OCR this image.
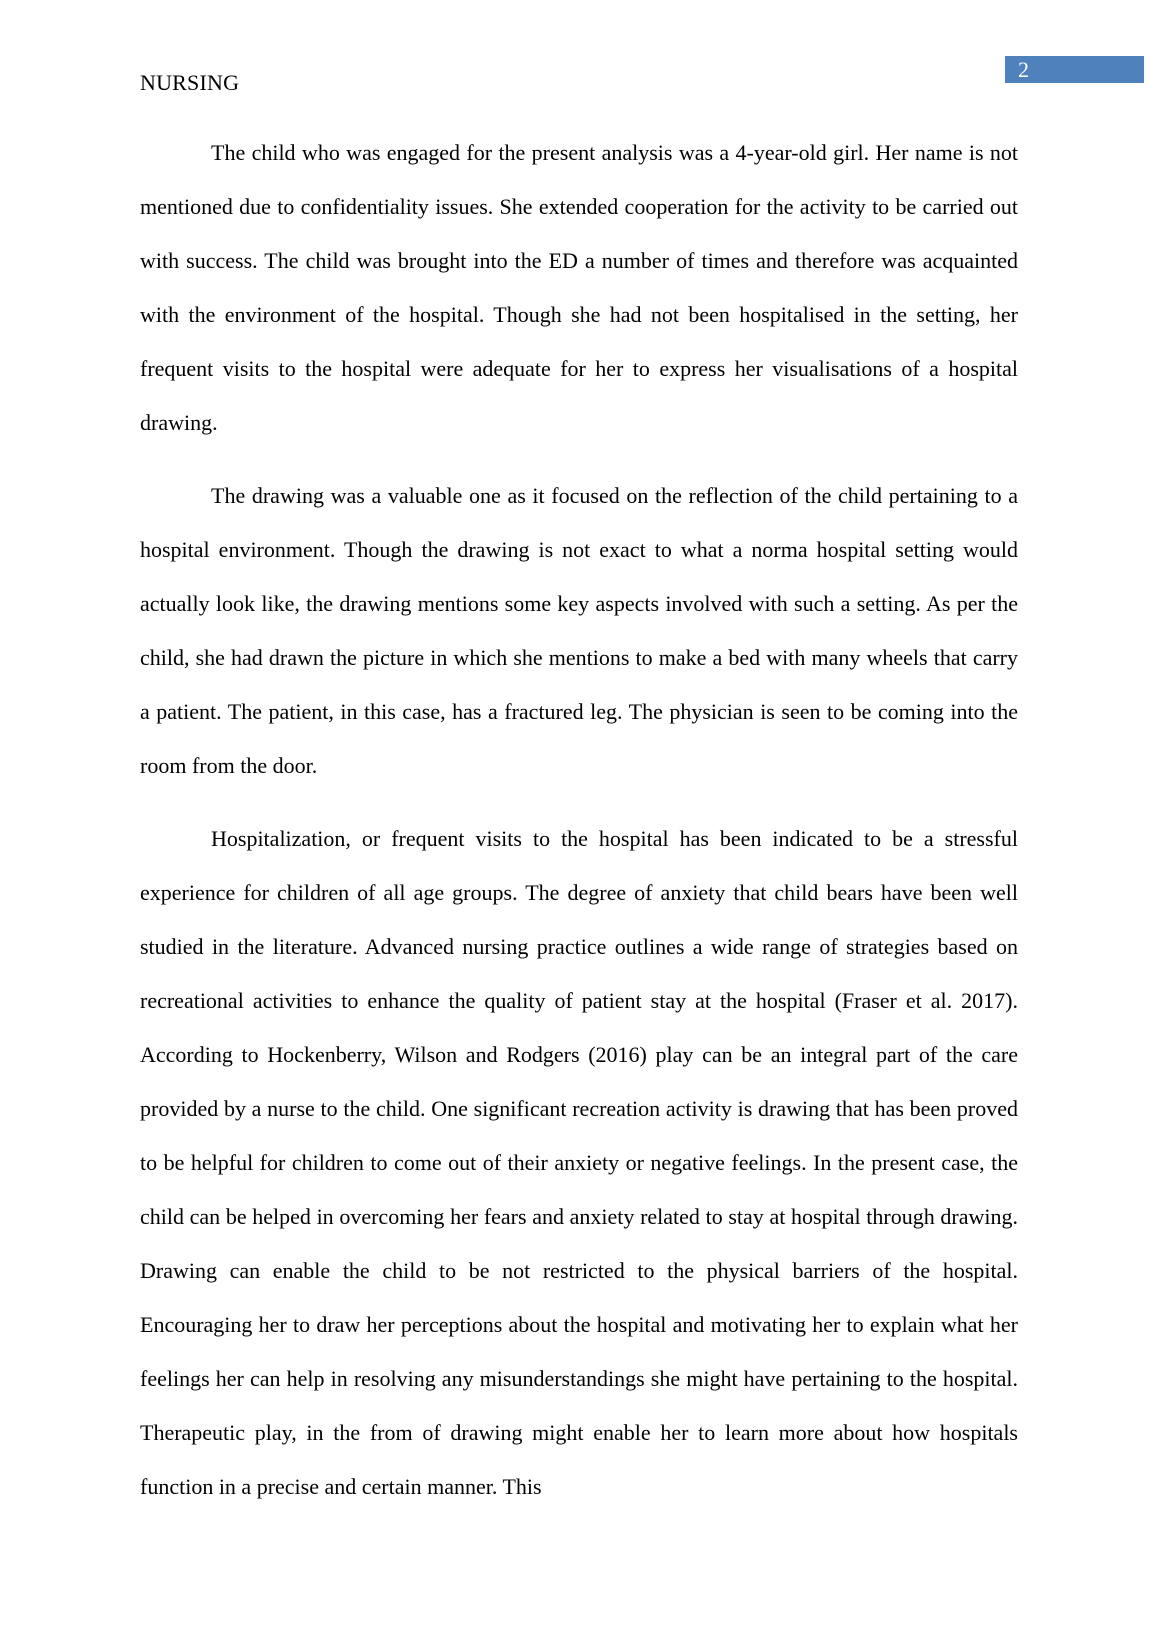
2
NURSING

The child who was engaged for the present analysis was a 4-year-old girl. Her name is not mentioned due to confidentiality issues. She extended cooperation for the activity to be carried out with success. The child was brought into the ED a number of times and therefore was acquainted with the environment of the hospital. Though she had not been hospitalised in the setting, her frequent visits to the hospital were adequate for her to express her visualisations of a hospital drawing.

The drawing was a valuable one as it focused on the reflection of the child pertaining to a hospital environment. Though the drawing is not exact to what a norma hospital setting would actually look like, the drawing mentions some key aspects involved with such a setting. As per the child, she had drawn the picture in which she mentions to make a bed with many wheels that carry a patient. The patient, in this case, has a fractured leg. The physician is seen to be coming into the room from the door.

Hospitalization, or frequent visits to the hospital has been indicated to be a stressful experience for children of all age groups. The degree of anxiety that child bears have been well studied in the literature. Advanced nursing practice outlines a wide range of strategies based on recreational activities to enhance the quality of patient stay at the hospital (Fraser et al. 2017). According to Hockenberry, Wilson and Rodgers (2016) play can be an integral part of the care provided by a nurse to the child. One significant recreation activity is drawing that has been proved to be helpful for children to come out of their anxiety or negative feelings. In the present case, the child can be helped in overcoming her fears and anxiety related to stay at hospital through drawing. Drawing can enable the child to be not restricted to the physical barriers of the hospital. Encouraging her to draw her perceptions about the hospital and motivating her to explain what her feelings her can help in resolving any misunderstandings she might have pertaining to the hospital. Therapeutic play, in the from of drawing might enable her to learn more about how hospitals function in a precise and certain manner. This
